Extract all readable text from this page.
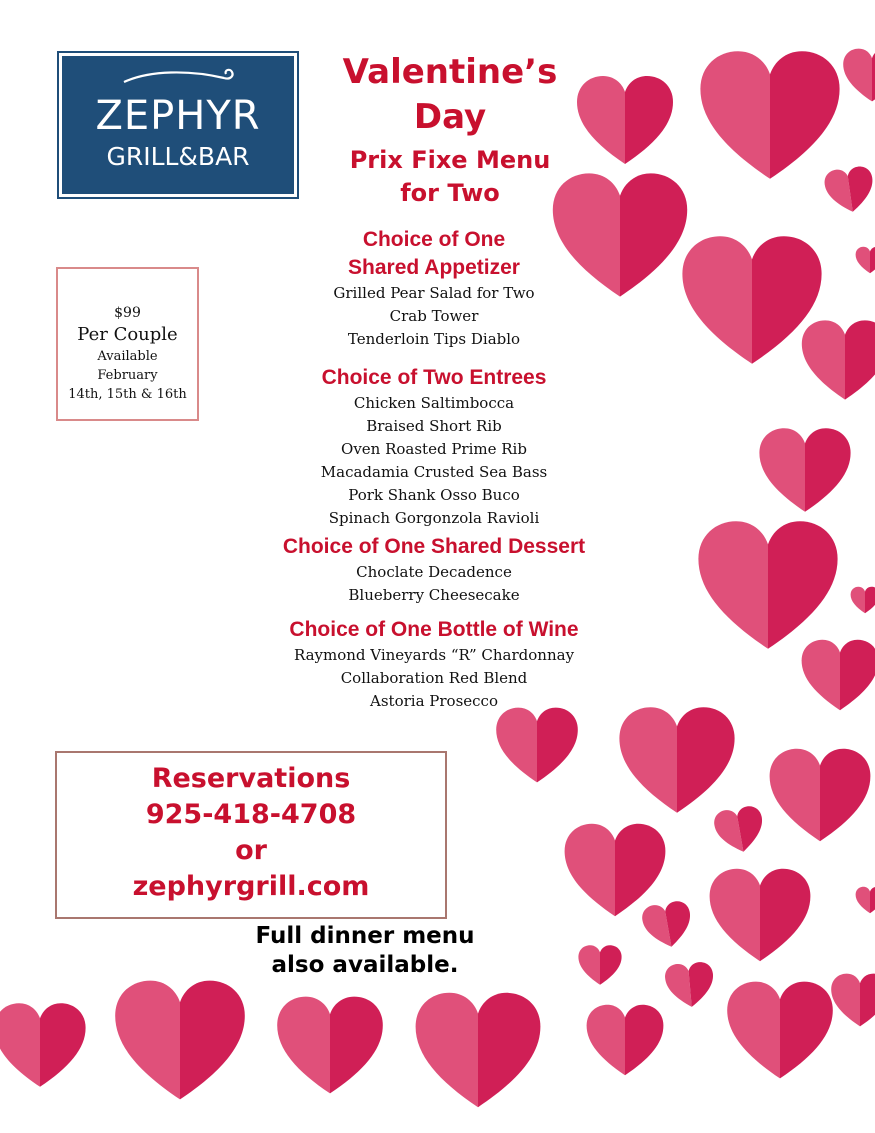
ZEPHYR
GRILL&BAR
Valentine’s
Day
Prix Fixe Menu
for Two
$99
Per Couple
Available
February
14th, 15th & 16th
Choice of One
Shared Appetizer
Grilled Pear Salad for Two
Crab Tower
Tenderloin Tips Diablo
Choice of Two Entrees
Chicken Saltimbocca
Braised Short Rib
Oven Roasted Prime Rib
Macadamia Crusted Sea Bass
Pork Shank Osso Buco
Spinach Gorgonzola Ravioli
Choice of One Shared Dessert
Choclate Decadence
Blueberry Cheesecake
Choice of One Bottle of Wine
Raymond Vineyards “R” Chardonnay
Collaboration Red Blend
Astoria Prosecco
Reservations
925-418-4708
or
zephyrgrill.com
Full dinner menu
also available.
